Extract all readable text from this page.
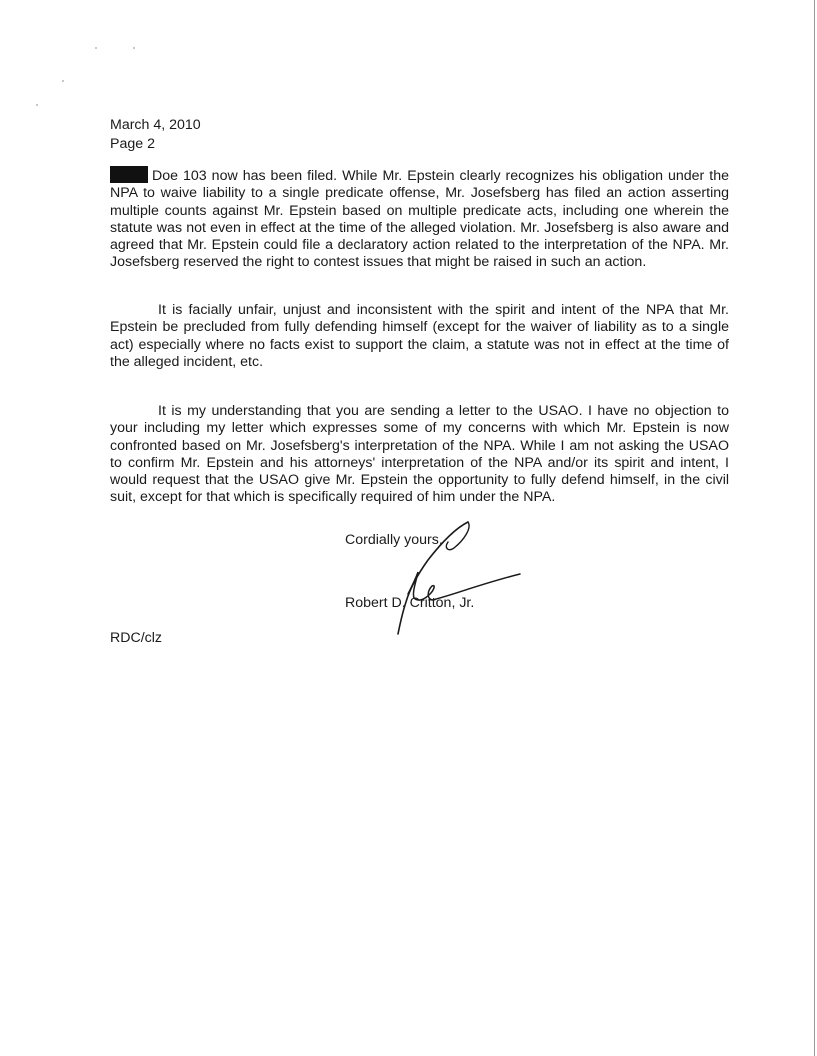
March 4, 2010
Page 2
Doe 103 now has been filed. While Mr. Epstein clearly recognizes his obligation under the NPA to waive liability to a single predicate offense, Mr. Josefsberg has filed an action asserting multiple counts against Mr. Epstein based on multiple predicate acts, including one wherein the statute was not even in effect at the time of the alleged violation. Mr. Josefsberg is also aware and agreed that Mr. Epstein could file a declaratory action related to the interpretation of the NPA. Mr. Josefsberg reserved the right to contest issues that might be raised in such an action.
It is facially unfair, unjust and inconsistent with the spirit and intent of the NPA that Mr. Epstein be precluded from fully defending himself (except for the waiver of liability as to a single act) especially where no facts exist to support the claim, a statute was not in effect at the time of the alleged incident, etc.
It is my understanding that you are sending a letter to the USAO. I have no objection to your including my letter which expresses some of my concerns with which Mr. Epstein is now confronted based on Mr. Josefsberg's interpretation of the NPA. While I am not asking the USAO to confirm Mr. Epstein and his attorneys' interpretation of the NPA and/or its spirit and intent, I would request that the USAO give Mr. Epstein the opportunity to fully defend himself, in the civil suit, except for that which is specifically required of him under the NPA.
Cordially yours,
Robert D. Critton, Jr.
RDC/clz
